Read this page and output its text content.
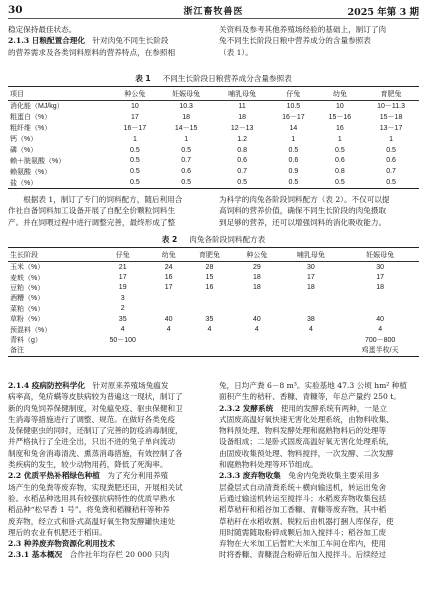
30	浙江畜牧兽医	2025 年第 3 期

稳定保持最佳状态。

2.1.3 日粮配置合理化  针对肉兔不同生长阶段

的营养需求及各类饲料原料的营养特点，在参照相

关资料及参考其他养殖场经验的基础上，制订了肉

兔不同生长阶段日粮中营养成分的含量参照表

（表 1）。

表 1 不同生长阶段日粮营养成分含量参照表
项目	种公兔	妊娠母兔	哺乳母兔	仔兔	幼兔	育肥兔
消化能（MJ/kg）	10	10.3	11	10.5	10	10－11.3
粗蛋白（%）	17	18	18	16－17	15－16	15－18
粗纤维（%）	16－17	14－15	12－13	14	16	13－17
钙（%）	1	1	1.2	1	1	1
磷（%）	0.5	0.5	0.8	0.5	0.5	0.5
赖＋胱氨酸（%）	0.5	0.7	0.6	0.6	0.6	0.6
赖氨酸（%）	0.5	0.6	0.7	0.9	0.8	0.7
盐（%）	0.5	0.5	0.5	0.5	0.5	0.5

根据表 1，制订了专门的饲料配方，随后利用合

作社自备饲料加工设备开展了自配全价颗粒饲料生

产。并在饲喂过程中进行调整完善，最终形成了整

为科学的肉兔各阶段饲料配方（表 2）。不仅可以提

高饲料的营养价值，确保不同生长阶段的肉兔摄取

到足够的营养，还可以增强饲料的消化吸收能力。

表 2 肉兔各阶段饲料配方表
生长阶段	仔兔	幼兔	育肥兔	种公兔	哺乳母兔	妊娠母兔
玉米（%）	21	24	28	29	30	30
麦麸（%）	17	16	15	18	17	17
豆粕（%）	19	17	16	18	18	18
酒糟（%）	3					
菜粕（%）	2					
草粉（%）	35	40	35	40	38	40
预混料（%）	4	4	4	4	4	4
青料（g）	50－100					700－800
备注						鸡蛋半枚/天

2.1.4 疫病防控科学化  针对原来养殖场兔瘟发

病率高，兔疥螨等皮肤病较为普遍这一现状，制订了

新的肉兔饲养保健制度，对兔瘟免疫、驱虫保健和卫

生消毒等措施进行了调整、规范。在做好各类免疫

及保健驱虫的同时，还制订了完善的防疫消毒制度，

并严格执行了全进全出，只出不进的兔子单向流动

制度和兔舍消毒清洗、熏蒸消毒措施，有效控制了各

类疾病的发生，较少动物用药，降低了死淘率。

2.2 优质平热补稻绿色种植  为了充分利用养殖

场产生的兔粪等废弃物，实现粪肥还田，开展相关试

验。水稻品种选用具有较强抗病特性的优质早熟水

稻品种“松早香 1 号”。将兔粪和稻糠秸秆等种养

废弃物，经立式和卧式高温好氧生物发酵罐快速处

理后的农业有机肥还于稻田。

2.3 种养废弃物资源化利用技术

2.3.1 基本概况  合作社年均存栏 20 000 只肉

兔，日均产粪 6－8 m³。实验基地 47.3 公顷 hm² 种植

面积产生的秸秆、香糠、青糠等，年总产量约 250 t。

2.3.2 发酵系统  使用的发酵系统有两种，一是立

式固废高温好氧快速无害化处理系统，由物料收集、

物料预处理、物料发酵处理和腐熟物料后的处理等

设备组成；二是卧式固废高温好氧无害化处理系统，

由固废收集预处理、物料搅拌，一次发酵、二次发酵

和腐熟物料处理等环节组成。

2.3.3 废弃物收集  兔舍内兔粪收集主要采用多

层叠层式自动清粪系统＋横向输送机，转运出兔舍

后通过输送机转运至搅拌斗；水稻废弃物收集包括

稻草秸秆和稻谷加工香糠、青糠等废弃物。其中稻

草秸秆在水稻收割、脱粒后由机器打捆人库保存，使

用时随需随取粉碎成颗后加入搅拌斗；稻谷加工废

弃物在大米加工后暂贮大米加工车间仓库内，使用

时将香糠、青糠混合粉碎后加入搅拌斗。后续经过
